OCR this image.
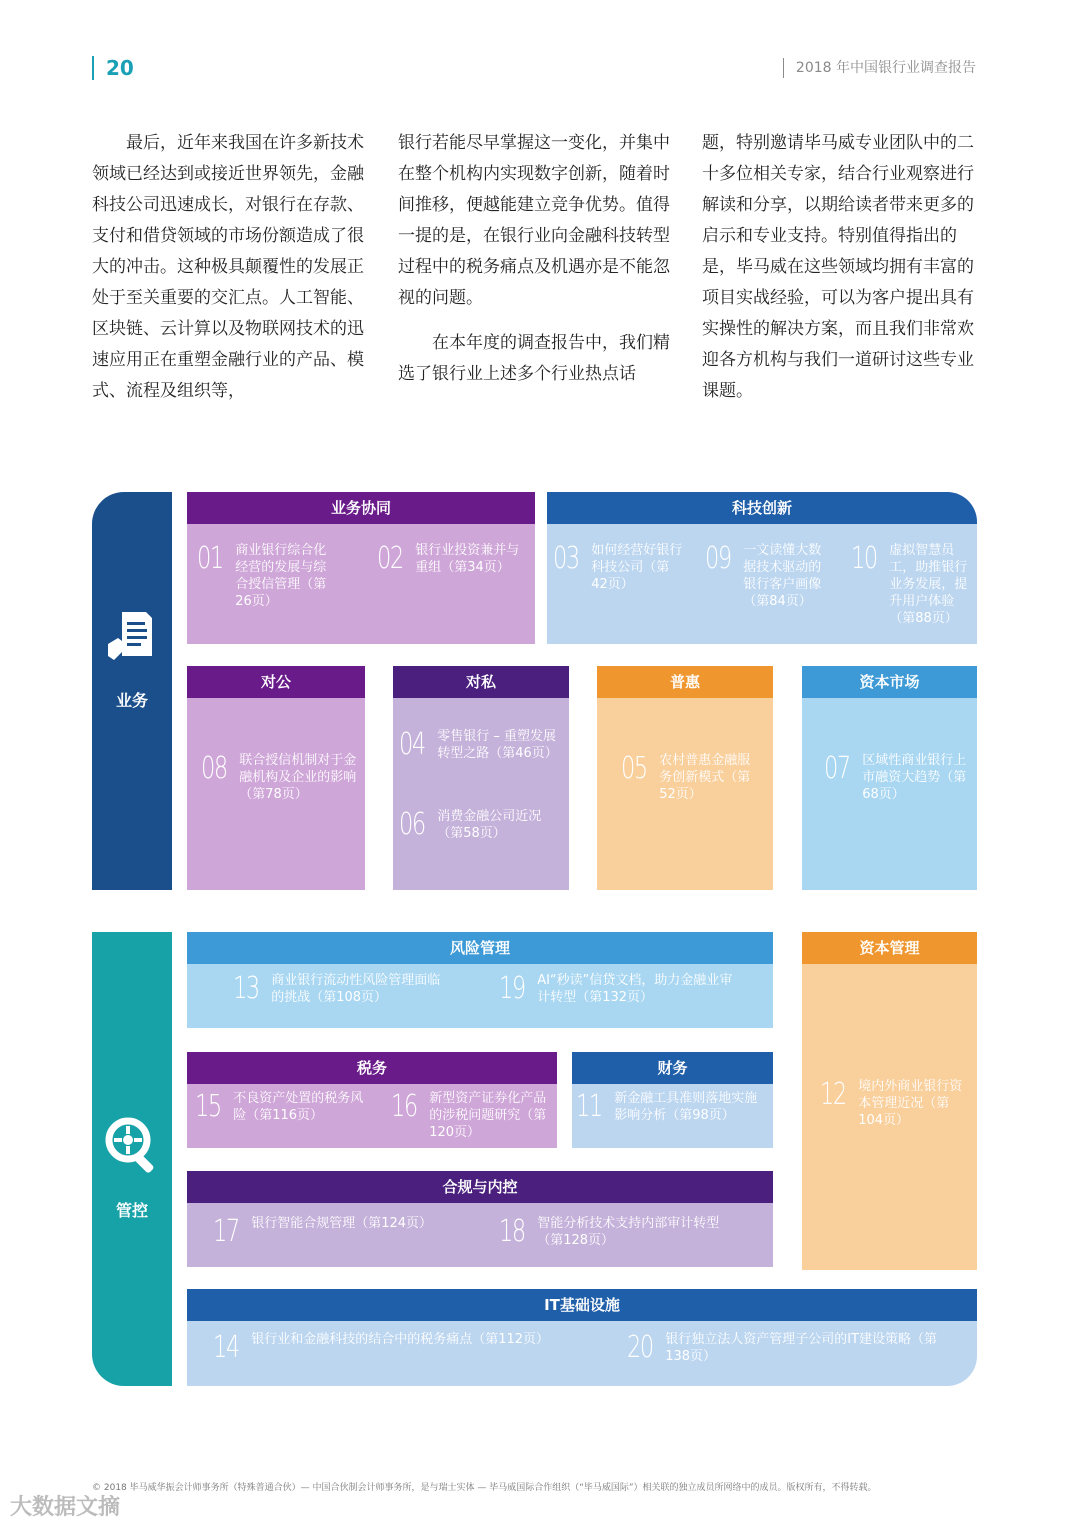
20	2018 年中国银行业调查报告

最后，近年来我国在许多新技术领域已经达到或接近世界领先，金融科技公司迅速成长，对银行在存款、支付和借贷领域的市场份额造成了很大的冲击。这种极具颠覆性的发展正处于至关重要的交汇点。人工智能、区块链、云计算以及物联网技术的迅速应用正在重塑金融行业的产品、模式、流程及组织等，

银行若能尽早掌握这一变化，并集中在整个机构内实现数字创新，随着时间推移，便越能建立竞争优势。值得一提的是，在银行业向金融科技转型过程中的税务痛点及机遇亦是不能忽视的问题。

在本年度的调查报告中，我们精选了银行业上述多个行业热点话

题，特别邀请毕马威专业团队中的二十多位相关专家，结合行业观察进行解读和分享，以期给读者带来更多的启示和专业支持。特别值得指出的是，毕马威在这些领域均拥有丰富的项目实战经验，可以为客户提出具有实操性的解决方案，而且我们非常欢迎各方机构与我们一道研讨这些专业课题。

业务
管控
业务协同
01 商业银行综合化经营的发展与综合授信管理（第26页）
02 银行业投资兼并与重组（第34页）
科技创新
03 如何经营好银行科技公司（第42页）
09 一文读懂大数据技术驱动的银行客户画像（第84页）
10 虚拟智慧员工，助推银行业务发展，提升用户体验（第88页）
对公
08 联合授信机制对于金融机构及企业的影响（第78页）
对私
04 零售银行 – 重塑发展转型之路（第46页）
06 消费金融公司近况（第58页）
普惠
05 农村普惠金融服务创新模式（第52页）
资本市场
07 区域性商业银行上市融资大趋势（第68页）
风险管理
13 商业银行流动性风险管理面临的挑战（第108页）	19 AI“秒读”信贷文档，助力金融业审计转型（第132页）
资本管理
12 境内外商业银行资本管理近况（第104页）
税务
15 不良资产处置的税务风险（第116页）	16 新型资产证券化产品的涉税问题研究（第120页）
财务
11 新金融工具准则落地实施影响分析（第98页）
合规与内控
17 银行智能合规管理（第124页） 18 智能分析技术支持内部审计转型（第128页）
IT基础设施
14 银行业和金融科技的结合中的税务痛点（第112页）	20 银行独立法人资产管理子公司的IT建设策略（第138页）
© 2018 毕马威华振会计师事务所（特殊普通合伙）— 中国合伙制会计师事务所，是与瑞士实体 — 毕马威国际合作组织（“毕马威国际”）相关联的独立成员所网络中的成员。版权所有，不得转载。
大数据文摘
